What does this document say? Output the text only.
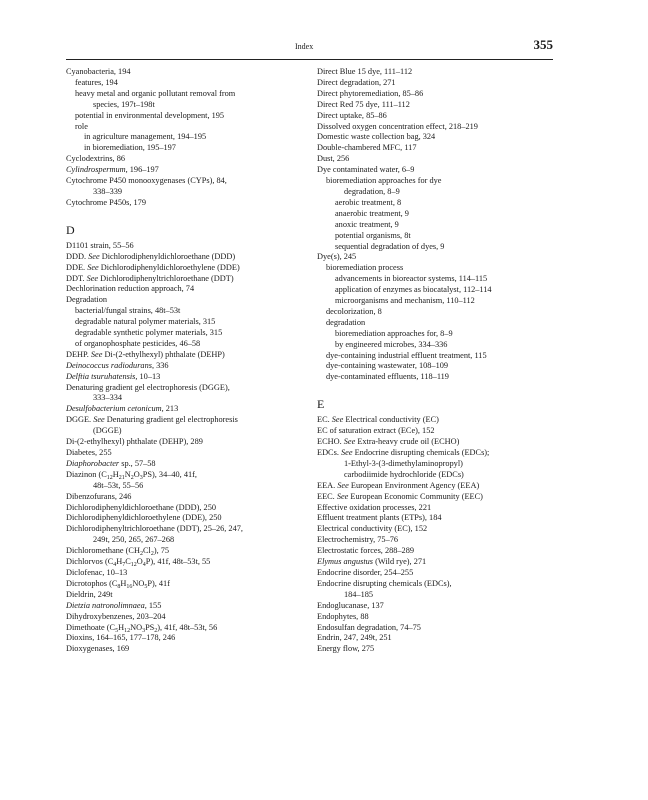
Index	355
Cyanobacteria, 194
features, 194
heavy metal and organic pollutant removal from
species, 197t–198t
potential in environmental development, 195
role
in agriculture management, 194–195
in bioremediation, 195–197
Cyclodextrins, 86
Cylindrospermum, 196–197
Cytochrome P450 monooxygenases (CYPs), 84,
338–339
Cytochrome P450s, 179
D
D1101 strain, 55–56
DDD. See Dichlorodiphenyldichloroethane (DDD)
DDE. See Dichlorodiphenyldichloroethylene (DDE)
DDT. See Dichlorodiphenyltrichloroethane (DDT)
Dechlorination reduction approach, 74
Degradation
bacterial/fungal strains, 48t–53t
degradable natural polymer materials, 315
degradable synthetic polymer materials, 315
of organophosphate pesticides, 46–58
DEHP. See Di-(2-ethylhexyl) phthalate (DEHP)
Deinococcus radiodurans, 336
Delftia tsuruhatensis, 10–13
Denaturing gradient gel electrophoresis (DGGE),
333–334
Desulfobacterium cetonicum, 213
DGGE. See Denaturing gradient gel electrophoresis
(DGGE)
Di-(2-ethylhexyl) phthalate (DEHP), 289
Diabetes, 255
Diaphorobacter sp., 57–58
Diazinon $(C_{12}H_{21}N_2O_3PS)$, 34–40, 41f,
48t–53t, 55–56
Dibenzofurans, 246
Dichlorodiphenyldichloroethane (DDD), 250
Dichlorodiphenyldichloroethylene (DDE), 250
Dichlorodiphenyltrichloroethane (DDT), 25–26, 247,
249t, 250, 265, 267–268
Dichloromethane $(CH_2Cl_2)$, 75
Dichlorvos $(C_4H_7C_{12}O_4P)$, 41f, 48t–53t, 55
Diclofenac, 10–13
Dicrotophos $(C_8H_{16}NO_5P)$, 41f
Dieldrin, 249t
Dietzia natronolimnaea, 155
Dihydroxybenzenes, 203–204
Dimethoate $(C_5H_{12}NO_3PS_2)$, 41f, 48t–53t, 56
Dioxins, 164–165, 177–178, 246
Dioxygenases, 169
Direct Blue 15 dye, 111–112
Direct degradation, 271
Direct phytoremediation, 85–86
Direct Red 75 dye, 111–112
Direct uptake, 85–86
Dissolved oxygen concentration effect, 218–219
Domestic waste collection bag, 324
Double-chambered MFC, 117
Dust, 256
Dye contaminated water, 6–9
bioremediation approaches for dye
degradation, 8–9
aerobic treatment, 8
anaerobic treatment, 9
anoxic treatment, 9
potential organisms, 8t
sequential degradation of dyes, 9
Dye(s), 245
bioremediation process
advancements in bioreactor systems, 114–115
application of enzymes as biocatalyst, 112–114
microorganisms and mechanism, 110–112
decolorization, 8
degradation
bioremediation approaches for, 8–9
by engineered microbes, 334–336
dye-containing industrial effluent treatment, 115
dye-containing wastewater, 108–109
dye-contaminated effluents, 118–119
E
EC. See Electrical conductivity (EC)
EC of saturation extract (ECe), 152
ECHO. See Extra-heavy crude oil (ECHO)
EDCs. See Endocrine disrupting chemicals (EDCs);
1-Ethyl-3-(3-dimethylaminopropyl)
carbodiimide hydrochloride (EDCs)
EEA. See European Environment Agency (EEA)
EEC. See European Economic Community (EEC)
Effective oxidation processes, 221
Effluent treatment plants (ETPs), 184
Electrical conductivity (EC), 152
Electrochemistry, 75–76
Electrostatic forces, 288–289
Elymus angustus (Wild rye), 271
Endocrine disorder, 254–255
Endocrine disrupting chemicals (EDCs),
184–185
Endoglucanase, 137
Endophytes, 88
Endosulfan degradation, 74–75
Endrin, 247, 249t, 251
Energy flow, 275
